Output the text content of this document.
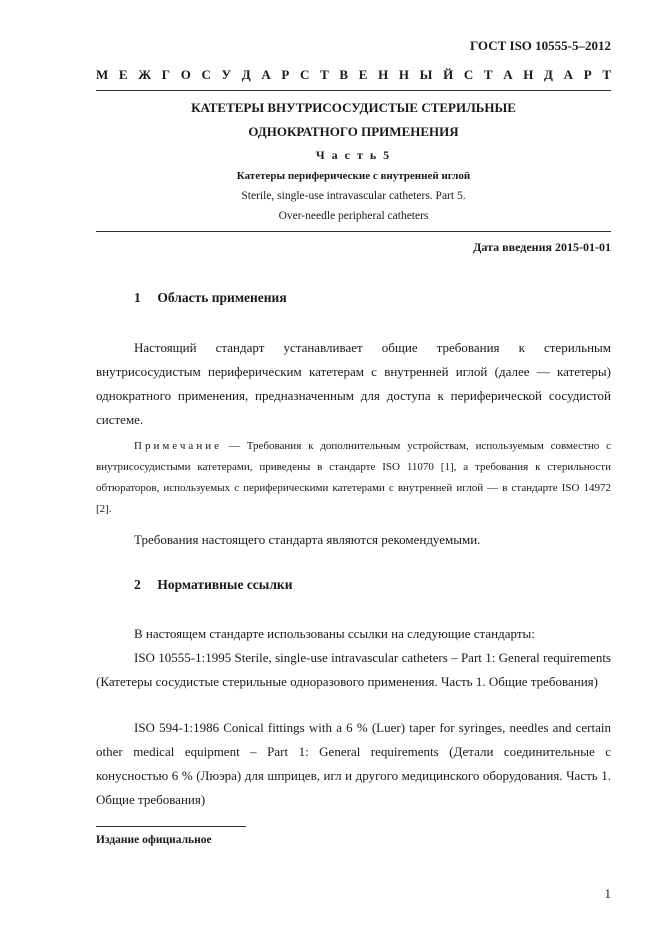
ГОСТ ISO 10555-5–2012
М Е Ж Г О С У Д А Р С Т В Е Н Н Ы Й С Т А Н Д А Р Т
КАТЕТЕРЫ ВНУТРИСОСУДИСТЫЕ СТЕРИЛЬНЫЕ
ОДНОКРАТНОГО ПРИМЕНЕНИЯ
Ч а с т ь 5
Катетеры периферические с внутренней иглой
Sterile, single-use intravascular catheters. Part 5.
Over-needle peripheral catheters
Дата введения 2015-01-01
1 Область применения
Настоящий стандарт устанавливает общие требования к стерильным внутрисосудистым периферическим катетерам с внутренней иглой (далее — катетеры) однократного применения, предназначенным для доступа к периферической сосудистой системе.
Примечание — Требования к дополнительным устройствам, используемым совместно с внутрисосудистыми катетерами, приведены в стандарте ISO 11070 [1], а требования к стерильности обтюраторов, используемых с периферическими катетерами с внутренней иглой — в стандарте ISO 14972 [2].
Требования настоящего стандарта являются рекомендуемыми.
2 Нормативные ссылки
В настоящем стандарте использованы ссылки на следующие стандарты:
ISO 10555-1:1995 Sterile, single-use intravascular catheters – Part 1: General requirements (Катетеры сосудистые стерильные одноразового применения. Часть 1. Общие требования)
ISO 594-1:1986 Conical fittings with a 6 % (Luer) taper for syringes, needles and certain other medical equipment – Part 1: General requirements (Детали соединительные с конусностью 6 % (Люэра) для шприцев, игл и другого медицинского оборудования. Часть 1. Общие требования)
Издание официальное
1
